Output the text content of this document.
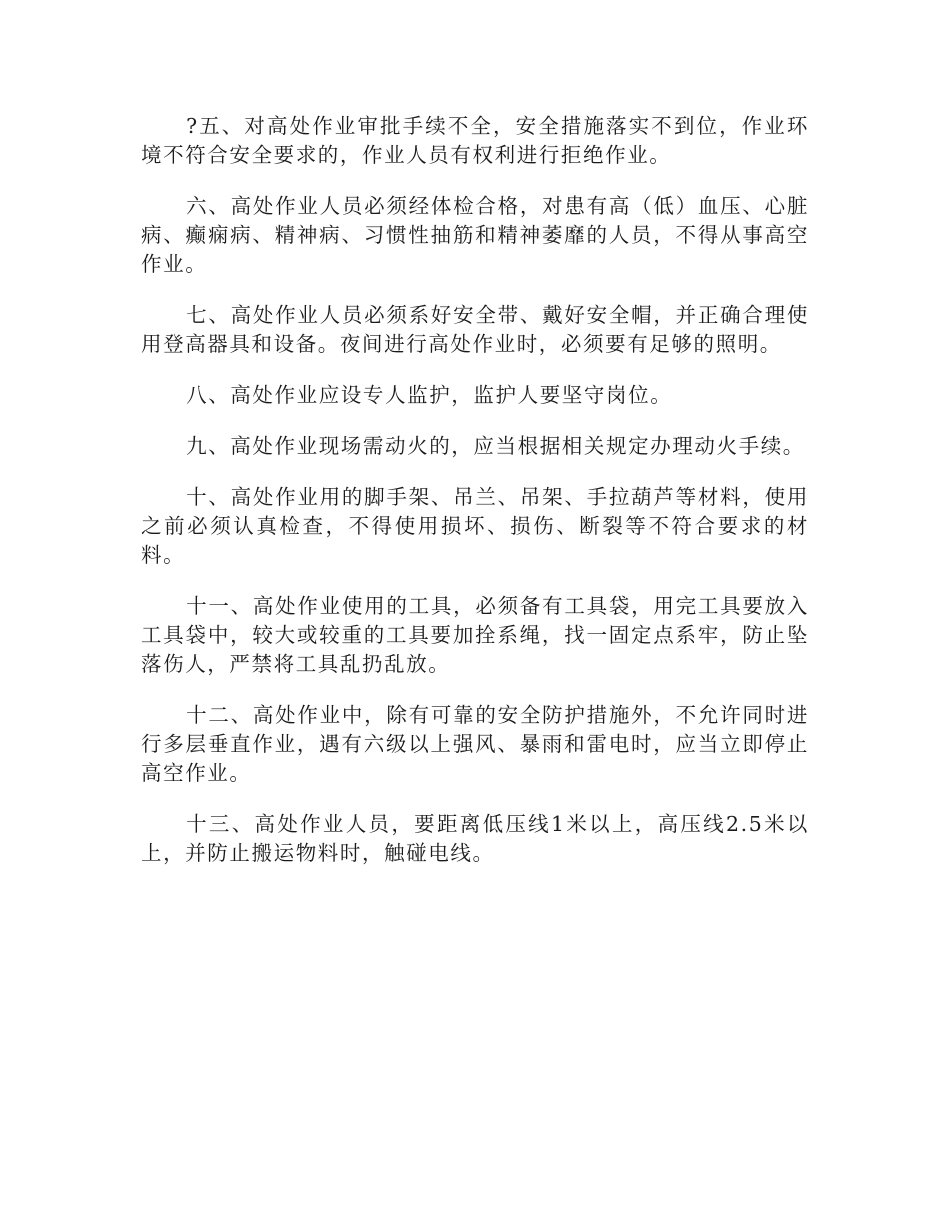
?五、对高处作业审批手续不全，安全措施落实不到位，作业环境不符合安全要求的，作业人员有权利进行拒绝作业。

六、高处作业人员必须经体检合格，对患有高（低）血压、心脏病、癫痫病、精神病、习惯性抽筋和精神萎靡的人员，不得从事高空作业。

七、高处作业人员必须系好安全带、戴好安全帽，并正确合理使用登高器具和设备。夜间进行高处作业时，必须要有足够的照明。

八、高处作业应设专人监护，监护人要坚守岗位。

九、高处作业现场需动火的，应当根据相关规定办理动火手续。

十、高处作业用的脚手架、吊兰、吊架、手拉葫芦等材料，使用之前必须认真检查，不得使用损坏、损伤、断裂等不符合要求的材料。

十一、高处作业使用的工具，必须备有工具袋，用完工具要放入工具袋中，较大或较重的工具要加拴系绳，找一固定点系牢，防止坠落伤人，严禁将工具乱扔乱放。

十二、高处作业中，除有可靠的安全防护措施外，不允许同时进行多层垂直作业，遇有六级以上强风、暴雨和雷电时，应当立即停止高空作业。

十三、高处作业人员，要距离低压线1米以上，高压线2.5米以上，并防止搬运物料时，触碰电线。
